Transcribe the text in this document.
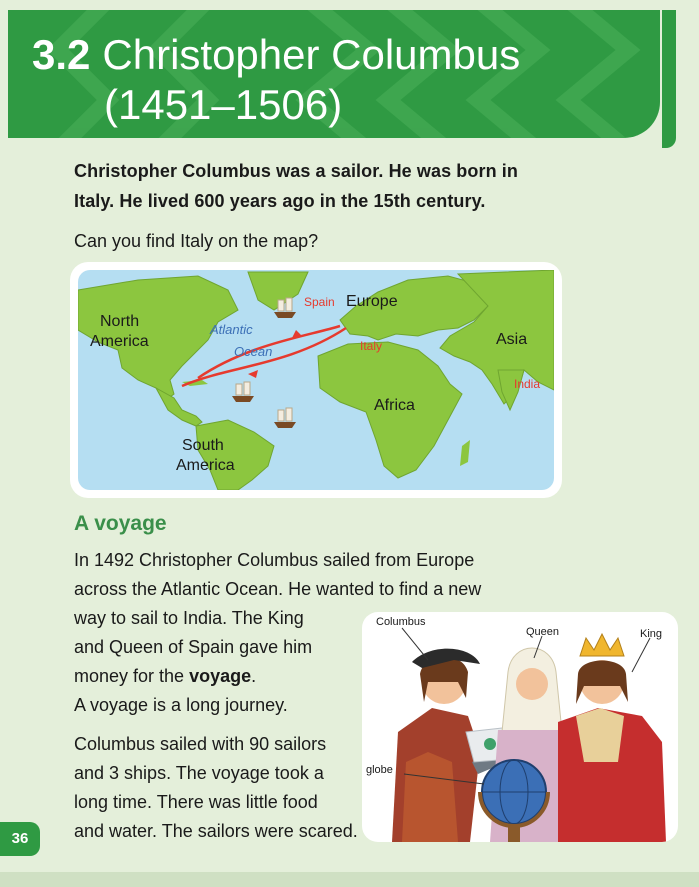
3.2 Christopher Columbus
(1451–1506)
Christopher Columbus was a sailor. He was born in
Italy. He lived 600 years ago in the 15th century.
Can you find Italy on the map?
North
America
Atlantic
Ocean
Spain Europe
Italy	Asia
India
Africa
South
America
A voyage
In 1492 Christopher Columbus sailed from Europe
across the Atlantic Ocean. He wanted to find a new
way to sail to India. The King
and Queen of Spain gave him
money for the voyage.
A voyage is a long journey.
Columbus sailed with 90 sailors
and 3 ships. The voyage took a
long time. There was little food
and water. The sailors were scared.
Columbus
Queen	King
globe
36
